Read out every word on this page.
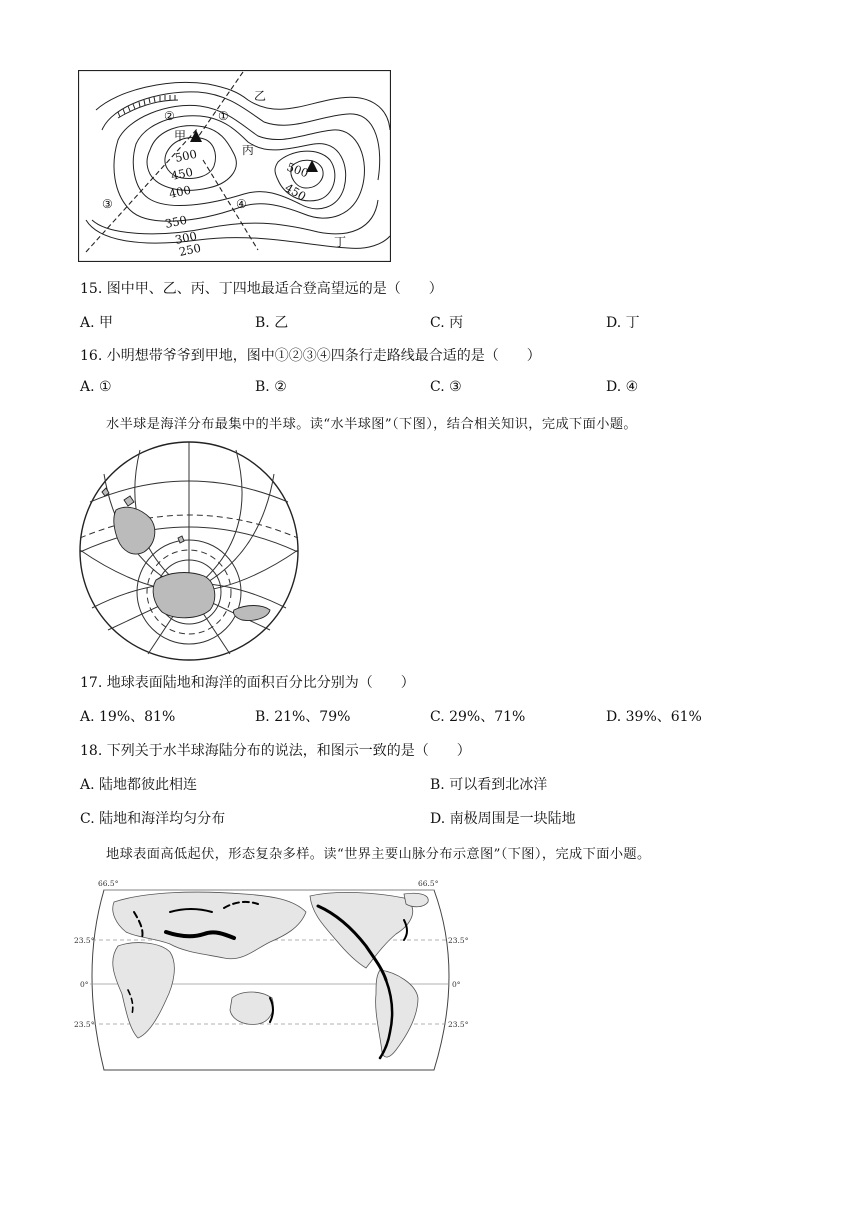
乙
甲
丙
丁
①
②
③	④
500
450
400
350
300
250
500
450
15. 图中甲、乙、丙、丁四地最适合登高望远的是（　　）
A. 甲	B. 乙	C. 丙	D. 丁
16. 小明想带爷爷到甲地，图中①②③④四条行走路线最合适的是（　　）
A. ①	B. ②	C. ③	D. ④
水半球是海洋分布最集中的半球。读“水半球图”（下图），结合相关知识，完成下面小题。
17. 地球表面陆地和海洋的面积百分比分别为（　　）
A. 19%、81%	B. 21%、79%	C. 29%、71%	D. 39%、61%
18. 下列关于水半球海陆分布的说法，和图示一致的是（　　）
A. 陆地都彼此相连	B. 可以看到北冰洋
C. 陆地和海洋均匀分布	D. 南极周围是一块陆地
地球表面高低起伏，形态复杂多样。读“世界主要山脉分布示意图”（下图），完成下面小题。
66.5°	66.5°
23.5°	23.5°
0°	0°
23.5°	23.5°
